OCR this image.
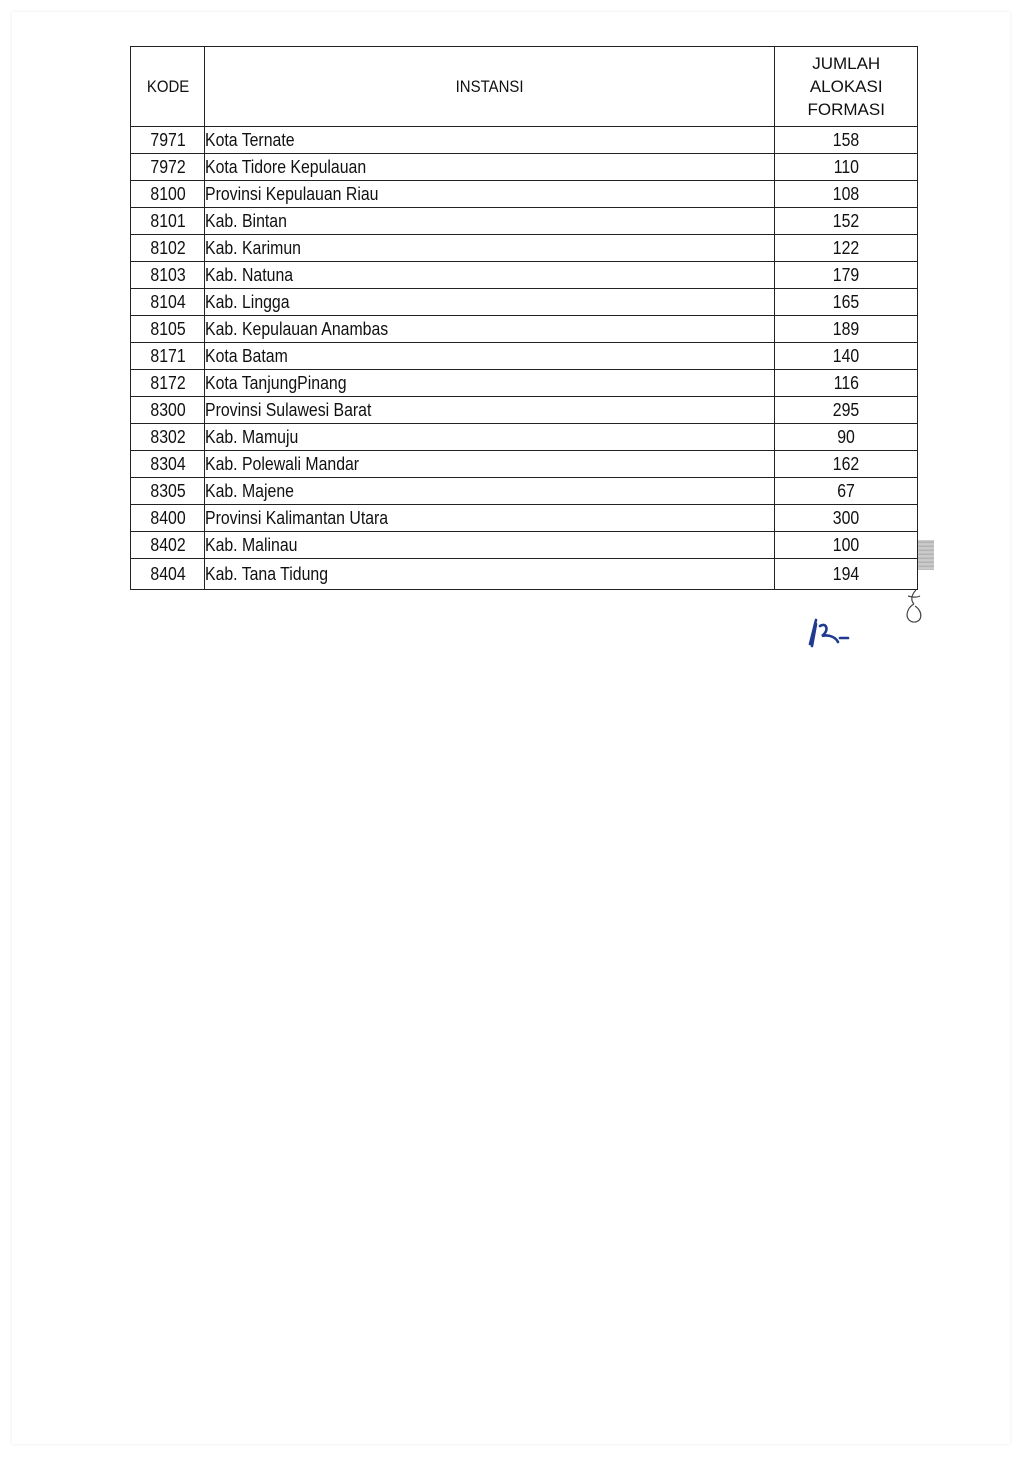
KODE	INSTANSI	JUMLAH
ALOKASI
FORMASI

7971	Kota Ternate	158
7972	Kota Tidore Kepulauan	110
8100	Provinsi Kepulauan Riau	108
8101	Kab. Bintan	152
8102	Kab. Karimun	122
8103	Kab. Natuna	179
8104	Kab. Lingga	165
8105	Kab. Kepulauan Anambas	189
8171	Kota Batam	140
8172	Kota TanjungPinang	116
8300	Provinsi Sulawesi Barat	295
8302	Kab. Mamuju	90
8304	Kab. Polewali Mandar	162
8305	Kab. Majene	67
8400	Provinsi Kalimantan Utara	300
8402	Kab. Malinau	100
8404	Kab. Tana Tidung	194
